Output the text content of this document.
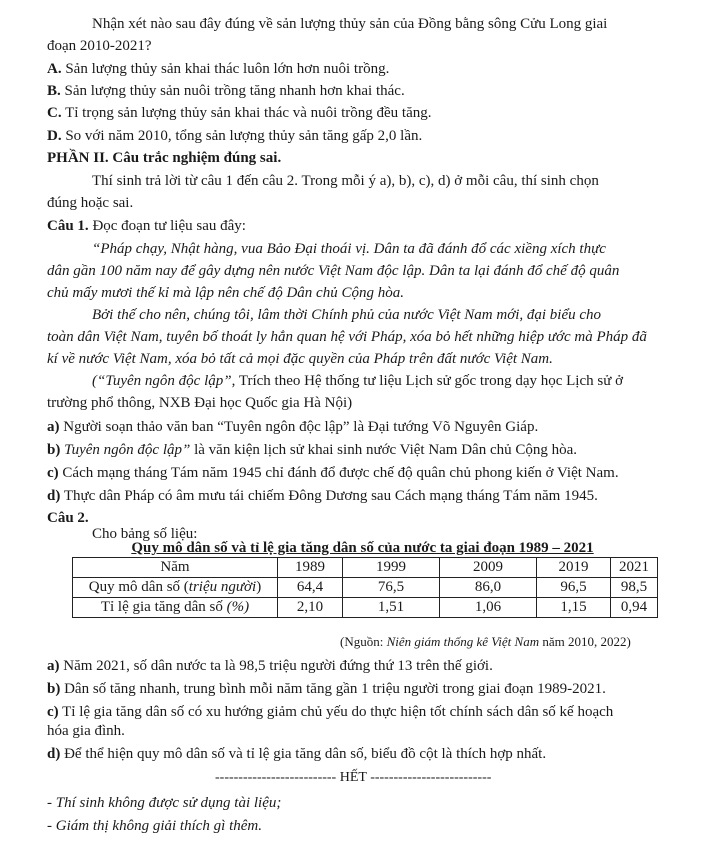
Nhận xét nào sau đây đúng về sản lượng thủy sản của Đồng bằng sông Cửu Long giai
đoạn 2010-2021?
A. Sản lượng thủy sản khai thác luôn lớn hơn nuôi trồng.
B. Sản lượng thủy sản nuôi trồng tăng nhanh hơn khai thác.
C. Tỉ trọng sản lượng thủy sản khai thác và nuôi trồng đều tăng.
D. So với năm 2010, tổng sản lượng thủy sản tăng gấp 2,0 lần.
PHẦN II. Câu trắc nghiệm đúng sai.
Thí sinh trả lời từ câu 1 đến câu 2. Trong mỗi ý a), b), c), d) ở mỗi câu, thí sinh chọn
đúng hoặc sai.
Câu 1. Đọc đoạn tư liệu sau đây:
“Pháp chạy, Nhật hàng, vua Bảo Đại thoái vị. Dân ta đã đánh đổ các xiềng xích thực
dân gần 100 năm nay để gây dựng nên nước Việt Nam độc lập. Dân ta lại đánh đổ chế độ quân
chủ mấy mươi thế kỉ mà lập nên chế độ Dân chủ Cộng hòa.
Bởi thế cho nên, chúng tôi, lâm thời Chính phủ của nước Việt Nam mới, đại biểu cho
toàn dân Việt Nam, tuyên bố thoát ly hẳn quan hệ với Pháp, xóa bỏ hết những hiệp ước mà Pháp đã
kí về nước Việt Nam, xóa bỏ tất cả mọi đặc quyền của Pháp trên đất nước Việt Nam.
(“Tuyên ngôn độc lập”, Trích theo Hệ thống tư liệu Lịch sử gốc trong dạy học Lịch sử ở
trường phổ thông, NXB Đại học Quốc gia Hà Nội)
a) Người soạn thảo văn ban “Tuyên ngôn độc lập” là Đại tướng Võ Nguyên Giáp.
b) Tuyên ngôn độc lập” là văn kiện lịch sử khai sinh nước Việt Nam Dân chủ Cộng hòa.
c) Cách mạng tháng Tám năm 1945 chỉ đánh đổ được chế độ quân chủ phong kiến ở Việt Nam.
d) Thực dân Pháp có âm mưu tái chiếm Đông Dương sau Cách mạng tháng Tám năm 1945.
Câu 2.
Cho bảng số liệu:
Quy mô dân số và tỉ lệ gia tăng dân số của nước ta giai đoạn 1989 – 2021
Năm	1989	1999	2009	2019	2021
Quy mô dân số (triệu người)	64,4	76,5	86,0	96,5	98,5
Tỉ lệ gia tăng dân số (%)	2,10	1,51	1,06	1,15	0,94
(Nguồn: Niên giám thống kê Việt Nam năm 2010, 2022)
a) Năm 2021, số dân nước ta là 98,5 triệu người đứng thứ 13 trên thế giới.
b) Dân số tăng nhanh, trung bình mỗi năm tăng gần 1 triệu người trong giai đoạn 1989-2021.
c) Tỉ lệ gia tăng dân số có xu hướng giảm chủ yếu do thực hiện tốt chính sách dân số kế hoạch
hóa gia đình.
d) Để thể hiện quy mô dân số và tỉ lệ gia tăng dân số, biểu đồ cột là thích hợp nhất.
-------------------------- HẾT --------------------------
- Thí sinh không được sử dụng tài liệu;
- Giám thị không giải thích gì thêm.
